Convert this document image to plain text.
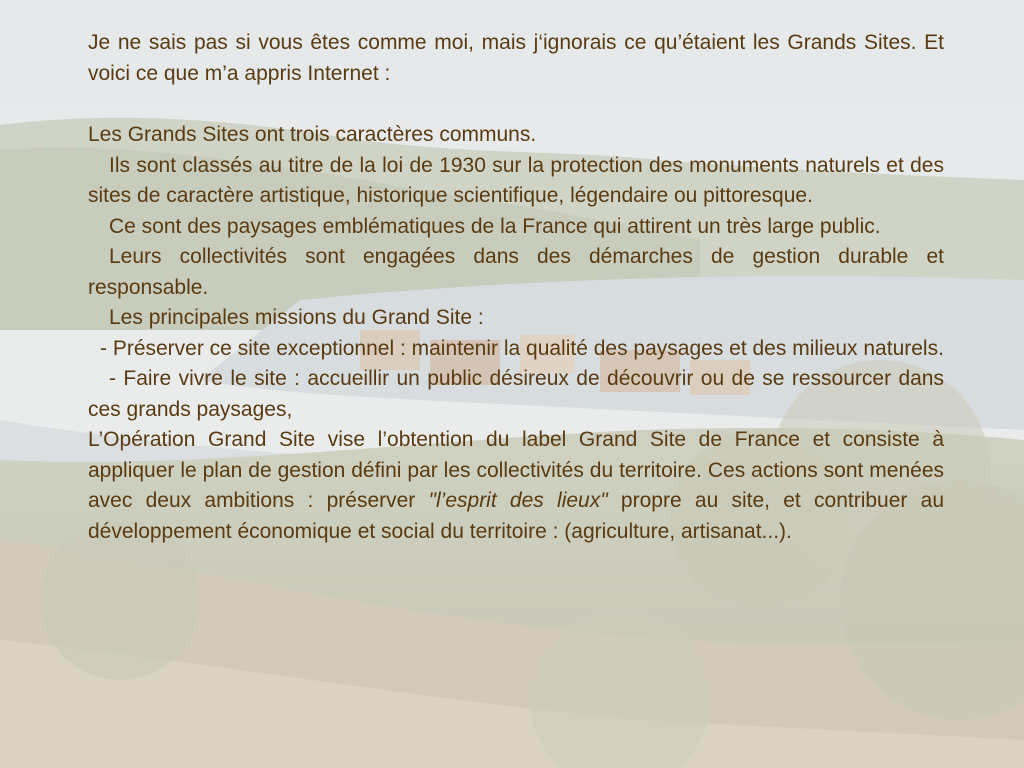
Je ne sais pas si vous êtes comme moi, mais j‘ignorais ce qu’étaient les Grands Sites. Et voici ce que m’a appris Internet :

Les Grands Sites ont trois caractères communs.

Ils sont classés au titre de la loi de 1930 sur la protection des monuments naturels et des sites de caractère artistique, historique scientifique, légendaire ou pittoresque.

Ce sont des paysages emblématiques de la France qui attirent un très large public.

Leurs collectivités sont engagées dans des démarches de gestion durable et responsable.

Les principales missions du Grand Site :

- Préserver ce site exceptionnel : maintenir la qualité des paysages et des milieux naturels.

- Faire vivre le site : accueillir un public désireux de découvrir ou de se ressourcer dans ces grands paysages,

L’Opération Grand Site vise l’obtention du label Grand Site de France et consiste à appliquer le plan de gestion défini par les collectivités du territoire. Ces actions sont menées avec deux ambitions : préserver "l’esprit des lieux" propre au site, et contribuer au développement économique et social du territoire : (agriculture, artisanat...).
